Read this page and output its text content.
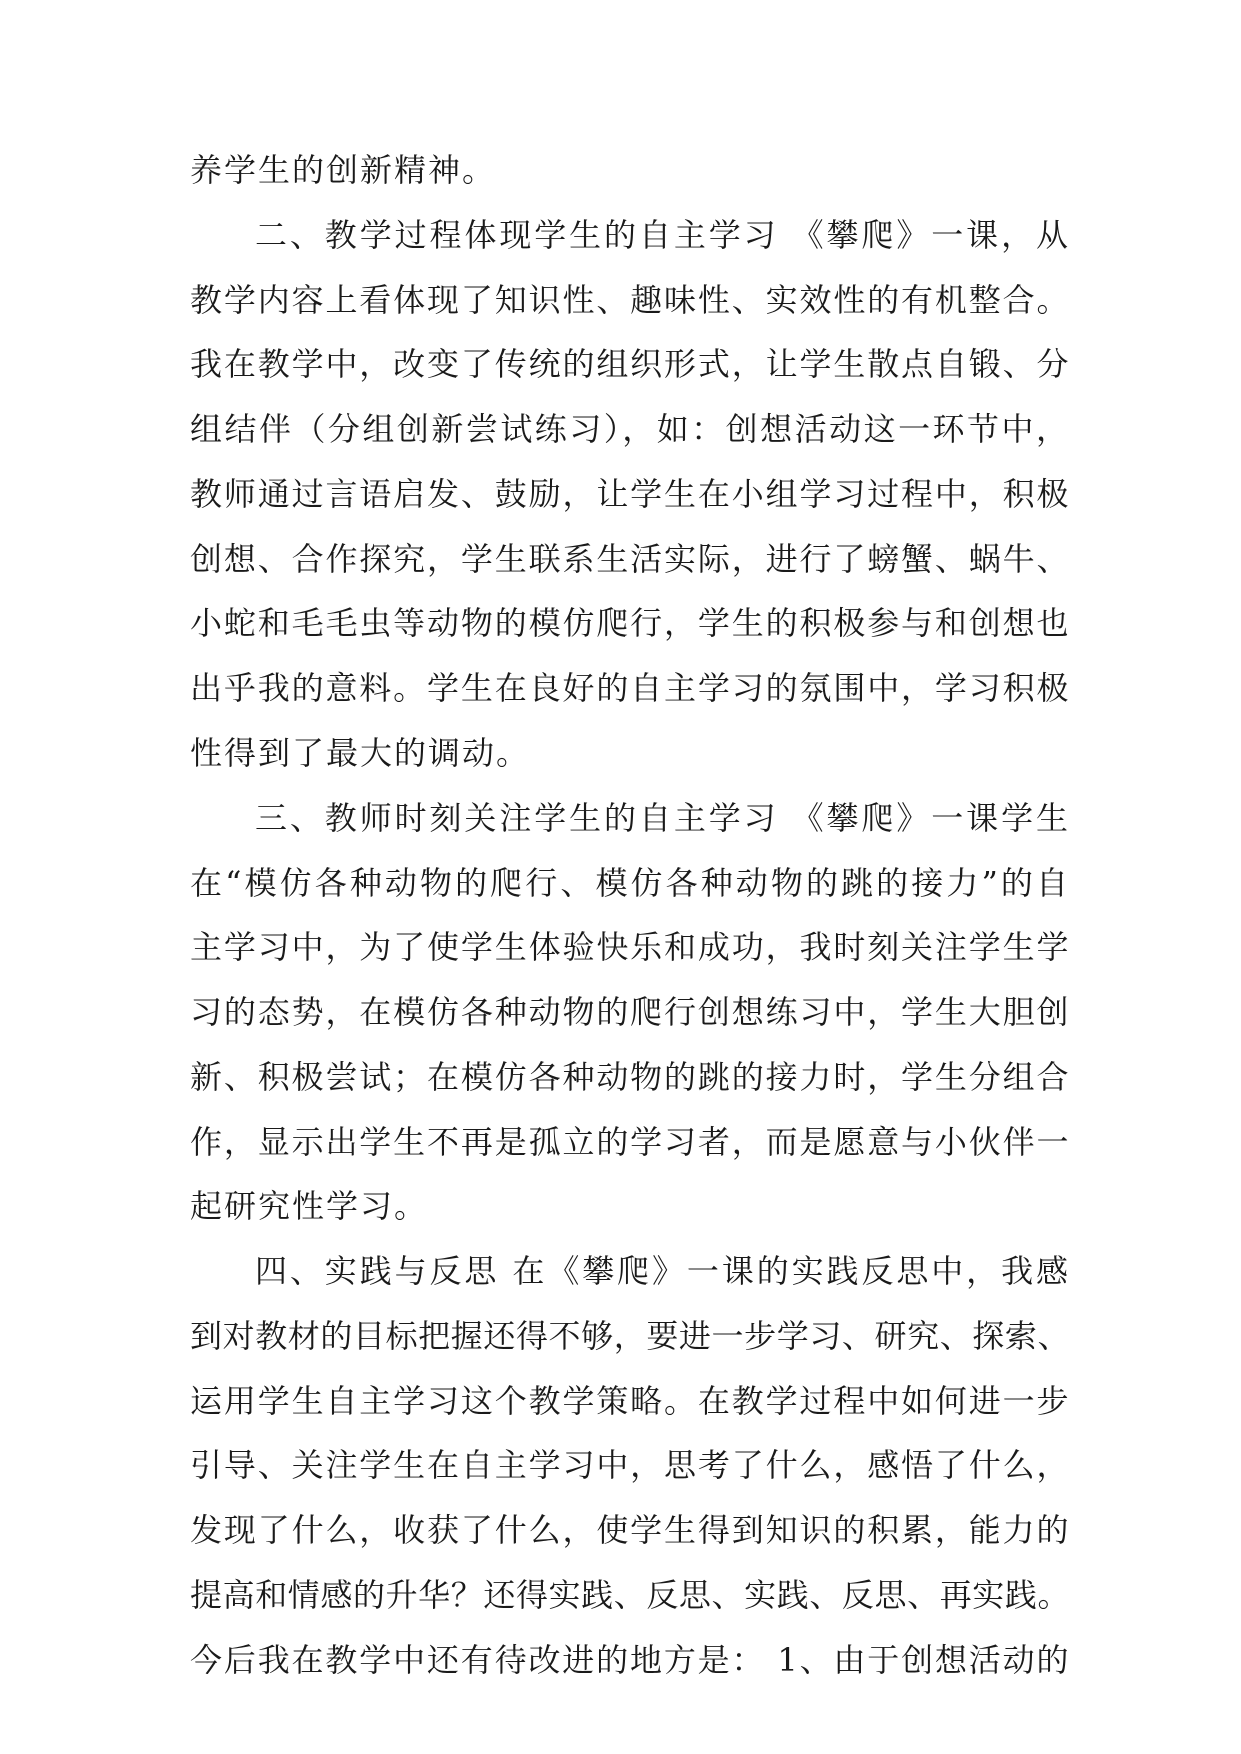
养学生的创新精神。
二、教学过程体现学生的自主学习 《攀爬》一课，从
教学内容上看体现了知识性、趣味性、实效性的有机整合。
我在教学中，改变了传统的组织形式，让学生散点自锻、分
组结伴（分组创新尝试练习），如：创想活动这一环节中，
教师通过言语启发、鼓励，让学生在小组学习过程中，积极
创想、合作探究，学生联系生活实际，进行了螃蟹、蜗牛、
小蛇和毛毛虫等动物的模仿爬行，学生的积极参与和创想也
出乎我的意料。学生在良好的自主学习的氛围中，学习积极
性得到了最大的调动。
三、教师时刻关注学生的自主学习 《攀爬》一课学生
在“模仿各种动物的爬行、模仿各种动物的跳的接力”的自
主学习中，为了使学生体验快乐和成功，我时刻关注学生学
习的态势，在模仿各种动物的爬行创想练习中，学生大胆创
新、积极尝试；在模仿各种动物的跳的接力时，学生分组合
作，显示出学生不再是孤立的学习者，而是愿意与小伙伴一
起研究性学习。
四、实践与反思 在《攀爬》一课的实践反思中，我感
到对教材的目标把握还得不够，要进一步学习、研究、探索、
运用学生自主学习这个教学策略。在教学过程中如何进一步
引导、关注学生在自主学习中，思考了什么，感悟了什么，
发现了什么，收获了什么，使学生得到知识的积累，能力的
提高和情感的升华？还得实践、反思、实践、反思、再实践。
今后我在教学中还有待改进的地方是： 1、由于创想活动的
